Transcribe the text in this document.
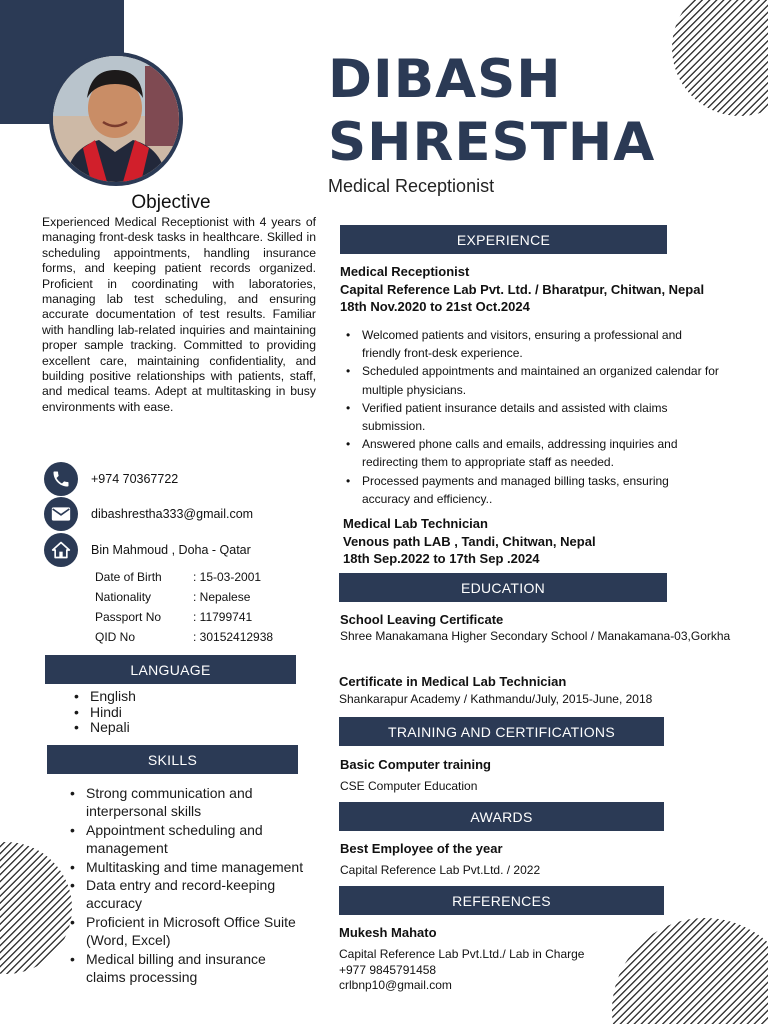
DIBASH
SHRESTHA
Medical Receptionist
Objective
Experienced Medical Receptionist with 4 years of managing front-desk tasks in healthcare. Skilled in scheduling appointments, handling insurance forms, and keeping patient records organized. Proficient in coordinating with laboratories, managing lab test scheduling, and ensuring accurate documentation of test results. Familiar with handling lab-related inquiries and maintaining proper sample tracking. Committed to providing excellent care, maintaining confidentiality, and building positive relationships with patients, staff, and medical teams. Adept at multitasking in busy environments with ease.
+974 70367722
dibashrestha333@gmail.com
Bin Mahmoud , Doha - Qatar
Date of Birth	: 15-03-2001
Nationality	: Nepalese
Passport No	: 11799741
QID No	: 30152412938
LANGUAGE
• English
• Hindi
• Nepali
SKILLS
• Strong communication and interpersonal skills
• Appointment scheduling and management
• Multitasking and time management
• Data entry and record-keeping accuracy
• Proficient in Microsoft Office Suite (Word, Excel)
• Medical billing and insurance claims processing
EXPERIENCE
Medical Receptionist
Capital Reference Lab Pvt. Ltd. / Bharatpur, Chitwan, Nepal
18th Nov.2020 to 21st Oct.2024
• Welcomed patients and visitors, ensuring a professional and friendly front-desk experience.
• Scheduled appointments and maintained an organized calendar for multiple physicians.
• Verified patient insurance details and assisted with claims submission.
• Answered phone calls and emails, addressing inquiries and redirecting them to appropriate staff as needed.
• Processed payments and managed billing tasks, ensuring accuracy and efficiency..
Medical Lab Technician
Venous path LAB , Tandi, Chitwan, Nepal
18th Sep.2022 to 17th Sep .2024
EDUCATION
School Leaving Certificate
Shree Manakamana Higher Secondary School / Manakamana-03,Gorkha
Certificate in Medical Lab Technician
Shankarapur Academy / Kathmandu/July, 2015-June, 2018
TRAINING AND CERTIFICATIONS
Basic Computer training
CSE Computer Education
AWARDS
Best Employee of the year
Capital Reference Lab Pvt.Ltd. / 2022
REFERENCES
Mukesh Mahato
Capital Reference Lab Pvt.Ltd./ Lab in Charge
+977 9845791458
crlbnp10@gmail.com
